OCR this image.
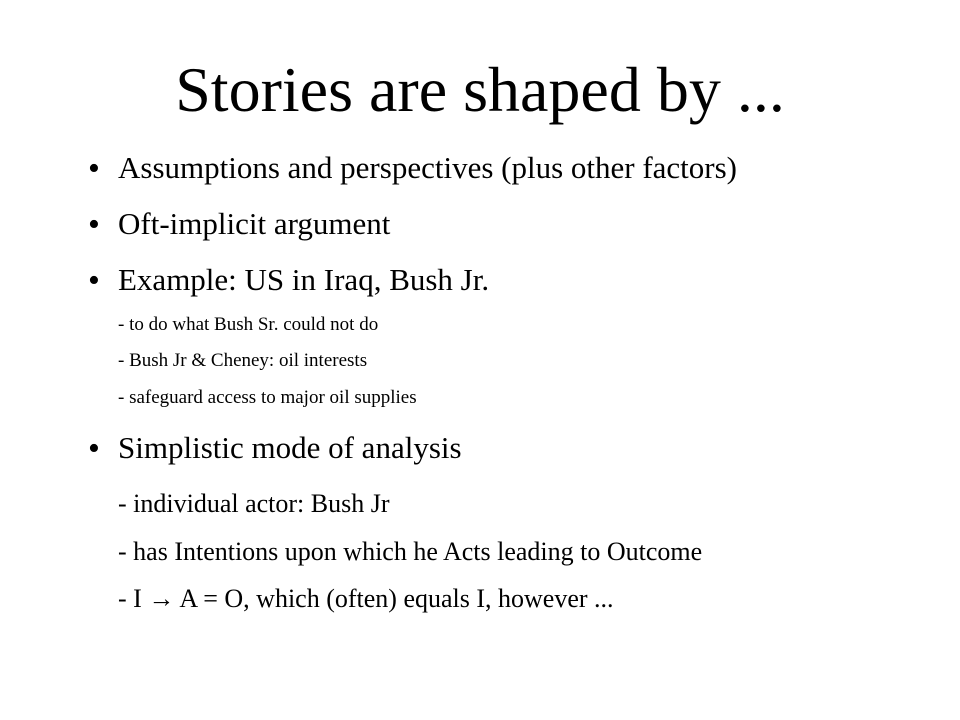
Stories are shaped by ...
• Assumptions and perspectives (plus other factors)
• Oft-implicit argument
• Example: US in Iraq, Bush Jr.
- to do what Bush Sr. could not do
- Bush Jr & Cheney: oil interests
- safeguard access to major oil supplies
• Simplistic mode of analysis
- individual actor: Bush Jr
- has Intentions upon which he Acts leading to Outcome
- I → A = O, which (often) equals I, however ...
